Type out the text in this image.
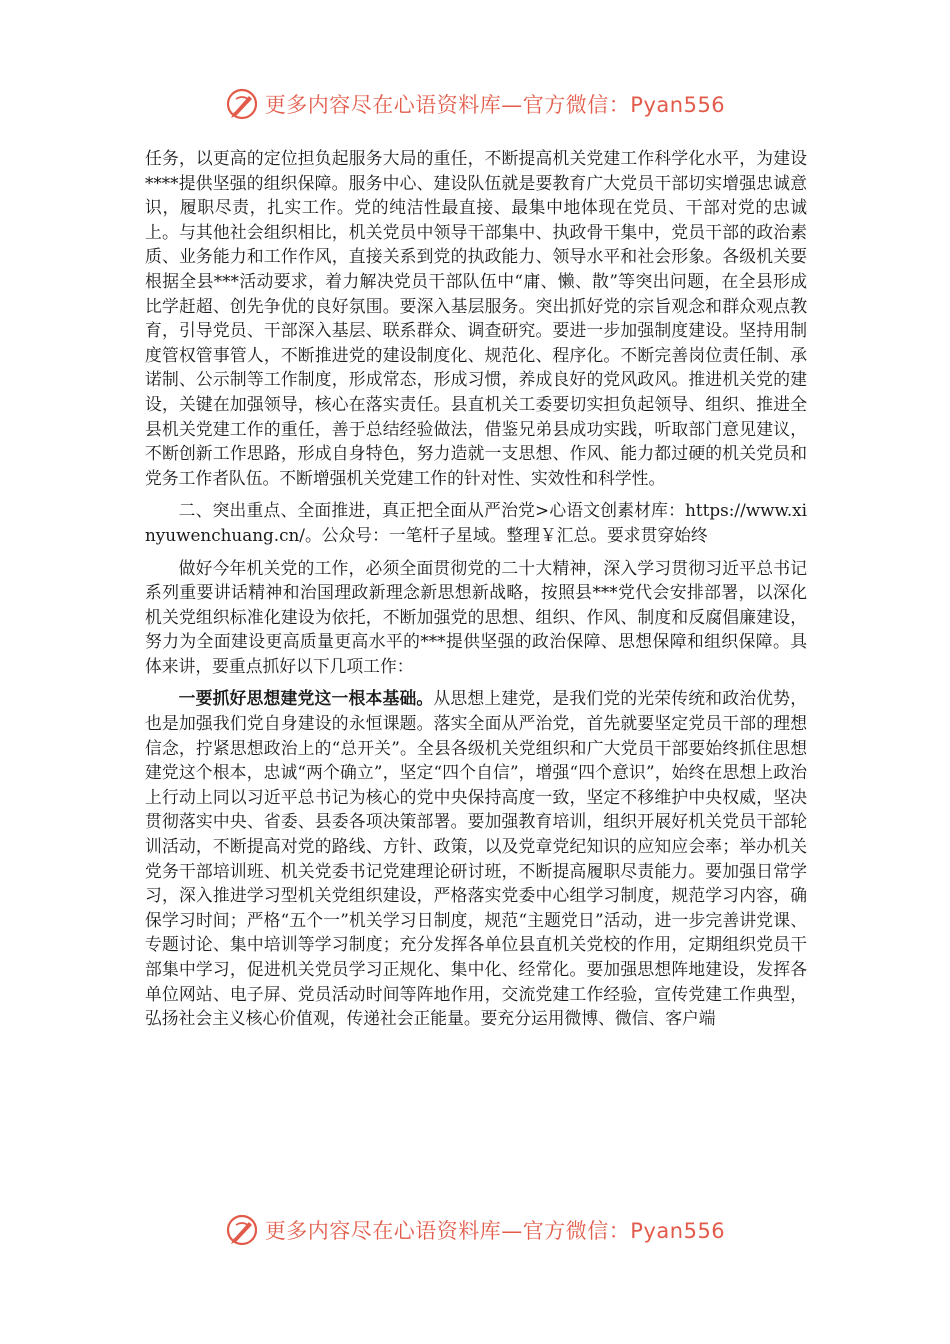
更多内容尽在心语资料库—官方微信：Pyan556

任务，以更高的定位担负起服务大局的重任，不断提高机关党建工作科学化水平，为建设****提供坚强的组织保障。服务中心、建设队伍就是要教育广大党员干部切实增强忠诚意识，履职尽责，扎实工作。党的纯洁性最直接、最集中地体现在党员、干部对党的忠诚上。与其他社会组织相比，机关党员中领导干部集中、执政骨干集中，党员干部的政治素质、业务能力和工作作风，直接关系到党的执政能力、领导水平和社会形象。各级机关要根据全县***活动要求，着力解决党员干部队伍中“庸、懒、散”等突出问题，在全县形成比学赶超、创先争优的良好氛围。要深入基层服务。突出抓好党的宗旨观念和群众观点教育，引导党员、干部深入基层、联系群众、调查研究。要进一步加强制度建设。坚持用制度管权管事管人，不断推进党的建设制度化、规范化、程序化。不断完善岗位责任制、承诺制、公示制等工作制度，形成常态，形成习惯，养成良好的党风政风。推进机关党的建设，关键在加强领导，核心在落实责任。县直机关工委要切实担负起领导、组织、推进全县机关党建工作的重任，善于总结经验做法，借鉴兄弟县成功实践，听取部门意见建议，不断创新工作思路，形成自身特色，努力造就一支思想、作风、能力都过硬的机关党员和党务工作者队伍。不断增强机关党建工作的针对性、实效性和科学性。

二、突出重点、全面推进，真正把全面从严治党>心语文创素材库：https://www.xinyuwenchuang.cn/。公众号：一笔杆子星域。整理￥汇总。要求贯穿始终

做好今年机关党的工作，必须全面贯彻党的二十大精神，深入学习贯彻习近平总书记系列重要讲话精神和治国理政新理念新思想新战略，按照县***党代会安排部署，以深化机关党组织标准化建设为依托，不断加强党的思想、组织、作风、制度和反腐倡廉建设，努力为全面建设更高质量更高水平的***提供坚强的政治保障、思想保障和组织保障。具体来讲，要重点抓好以下几项工作：

一要抓好思想建党这一根本基础。从思想上建党，是我们党的光荣传统和政治优势，也是加强我们党自身建设的永恒课题。落实全面从严治党，首先就要坚定党员干部的理想信念，拧紧思想政治上的“总开关”。全县各级机关党组织和广大党员干部要始终抓住思想建党这个根本，忠诚“两个确立”，坚定“四个自信”，增强“四个意识”，始终在思想上政治上行动上同以习近平总书记为核心的党中央保持高度一致，坚定不移维护中央权威，坚决贯彻落实中央、省委、县委各项决策部署。要加强教育培训，组织开展好机关党员干部轮训活动，不断提高对党的路线、方针、政策，以及党章党纪知识的应知应会率；举办机关党务干部培训班、机关党委书记党建理论研讨班，不断提高履职尽责能力。要加强日常学习，深入推进学习型机关党组织建设，严格落实党委中心组学习制度，规范学习内容，确保学习时间；严格“五个一”机关学习日制度，规范“主题党日”活动，进一步完善讲党课、专题讨论、集中培训等学习制度；充分发挥各单位县直机关党校的作用，定期组织党员干部集中学习，促进机关党员学习正规化、集中化、经常化。要加强思想阵地建设，发挥各单位网站、电子屏、党员活动时间等阵地作用，交流党建工作经验，宣传党建工作典型，弘扬社会主义核心价值观，传递社会正能量。要充分运用微博、微信、客户端

更多内容尽在心语资料库—官方微信：Pyan556
